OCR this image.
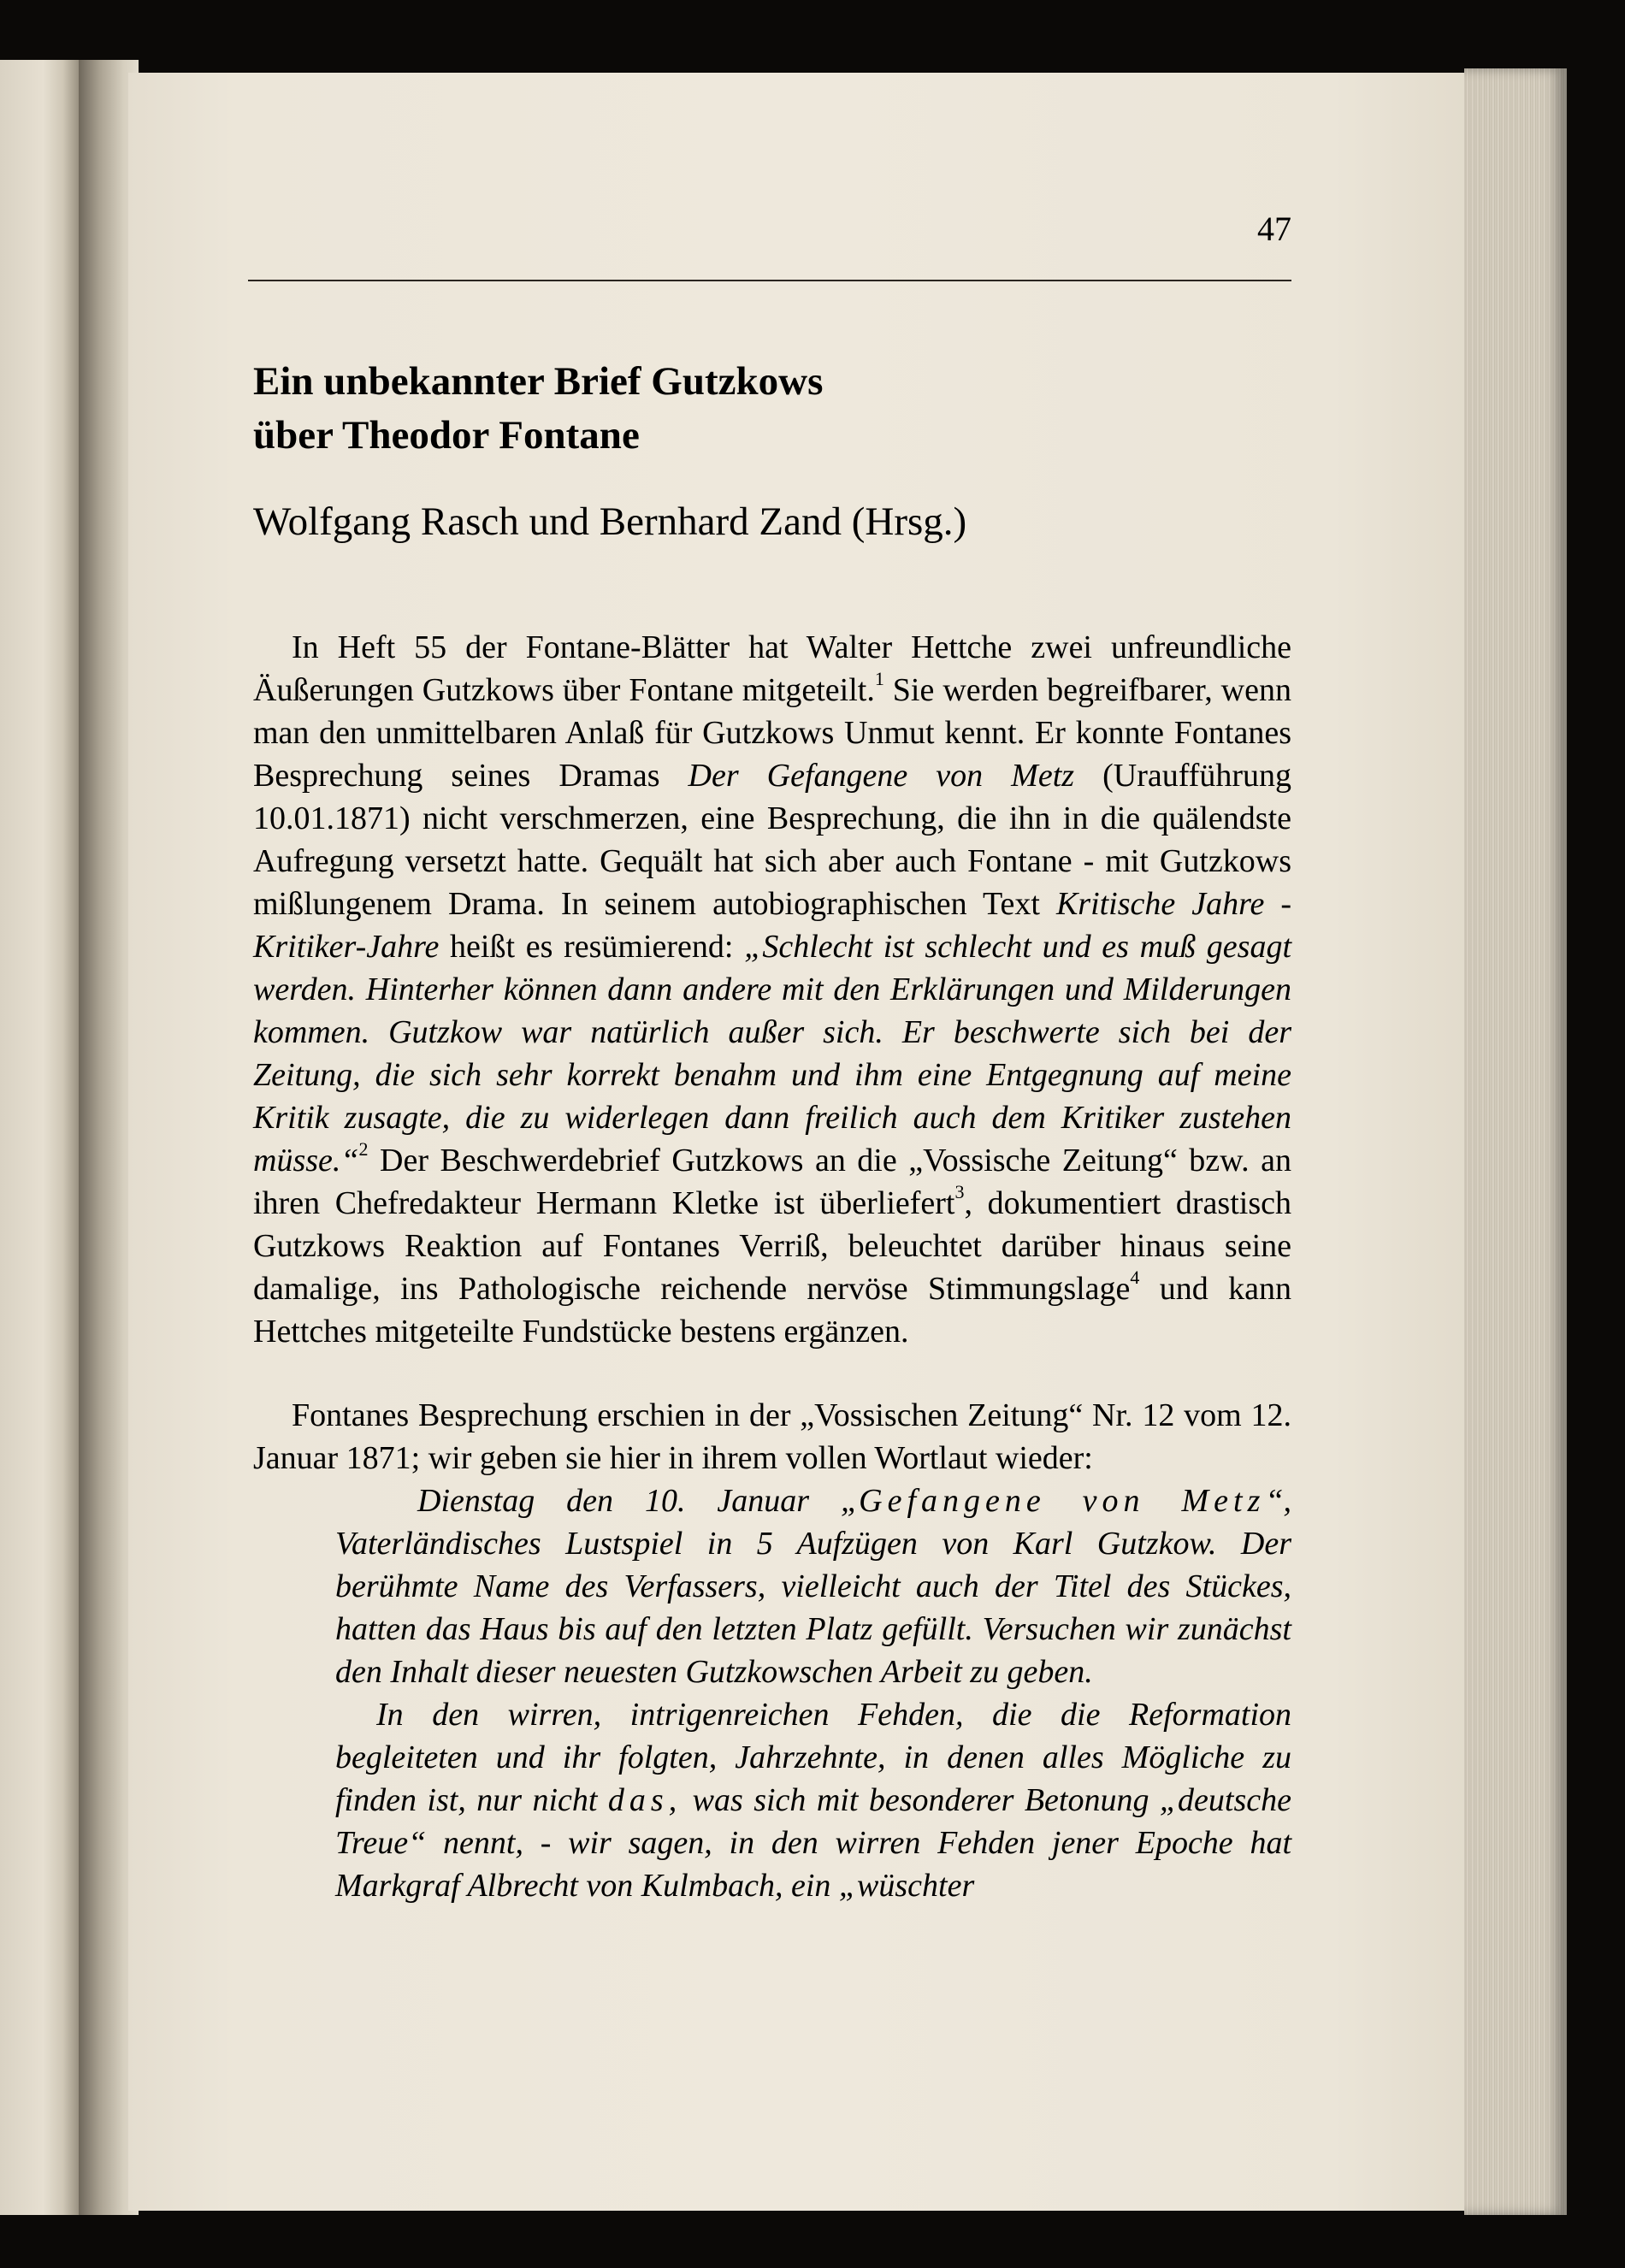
47
Ein unbekannter Brief Gutzkows
über Theodor Fontane
Wolfgang Rasch und Bernhard Zand (Hrsg.)

In Heft 55 der Fontane-Blätter hat Walter Hettche zwei unfreundliche Äußerungen Gutzkows über Fontane mitgeteilt.$^1$ Sie werden begreifbarer, wenn man den unmittelbaren Anlaß für Gutzkows Unmut kennt. Er konnte Fontanes Besprechung seines Dramas Der Gefangene von Metz (Uraufführung 10.01.1871) nicht verschmerzen, eine Besprechung, die ihn in die quälendste Aufregung versetzt hatte. Gequält hat sich aber auch Fontane - mit Gutzkows mißlungenem Drama. In seinem autobiographischen Text Kritische Jahre - Kritiker-Jahre heißt es resümierend: „Schlecht ist schlecht und es muß gesagt werden. Hinterher können dann andere mit den Erklärungen und Milderungen kommen. Gutzkow war natürlich außer sich. Er beschwerte sich bei der Zeitung, die sich sehr korrekt benahm und ihm eine Entgegnung auf meine Kritik zusagte, die zu widerlegen dann freilich auch dem Kritiker zustehen müsse.“$^2$ Der Beschwerdebrief Gutzkows an die „Vossische Zeitung“ bzw. an ihren Chefredakteur Hermann Kletke ist überliefert$^3$, dokumentiert drastisch Gutzkows Reaktion auf Fontanes Verriß, beleuchtet darüber hinaus seine damalige, ins Pathologische reichende nervöse Stimmungslage$^4$ und kann Hettches mitgeteilte Fundstücke bestens ergänzen.

Fontanes Besprechung erschien in der „Vossischen Zeitung“ Nr. 12 vom 12. Januar 1871; wir geben sie hier in ihrem vollen Wortlaut wieder:

Dienstag den 10. Januar „Gefangene von Metz“, Vaterländisches Lustspiel in 5 Aufzügen von Karl Gutzkow. Der berühmte Name des Verfassers, vielleicht auch der Titel des Stückes, hatten das Haus bis auf den letzten Platz gefüllt. Versuchen wir zunächst den Inhalt dieser neuesten Gutzkowschen Arbeit zu geben.

In den wirren, intrigenreichen Fehden, die die Reformation begleiteten und ihr folgten, Jahrzehnte, in denen alles Mögliche zu finden ist, nur nicht das, was sich mit besonderer Betonung „deutsche Treue“ nennt, - wir sagen, in den wirren Fehden jener Epoche hat Markgraf Albrecht von Kulmbach, ein „wüschter
